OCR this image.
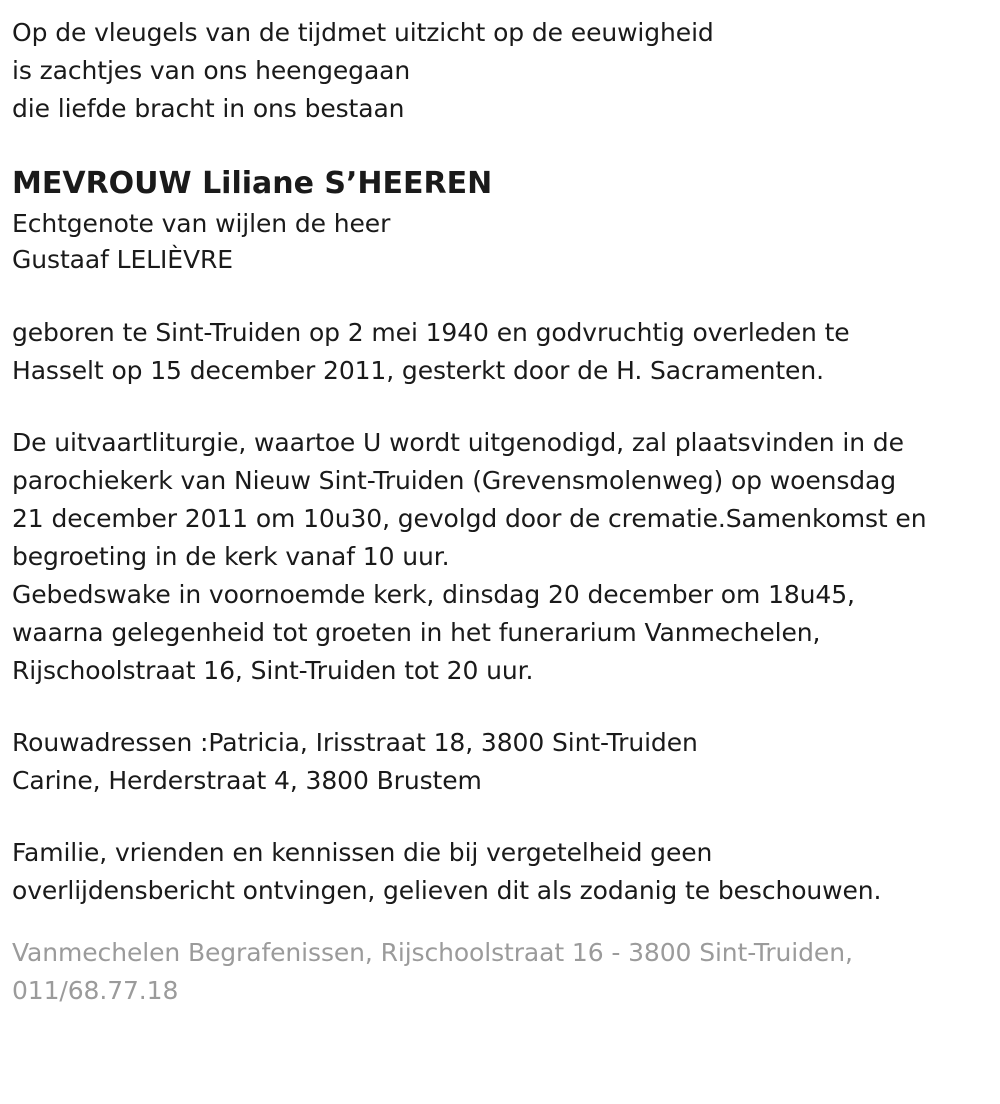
Op de vleugels van de tijdmet uitzicht op de eeuwigheid
is zachtjes van ons heengegaan
die liefde bracht in ons bestaan
MEVROUW Liliane S’HEEREN
Echtgenote van wijlen de heer
Gustaaf LELIÈVRE
geboren te Sint-Truiden op 2 mei 1940 en godvruchtig overleden te
Hasselt op 15 december 2011, gesterkt door de H. Sacramenten.
De uitvaartliturgie, waartoe U wordt uitgenodigd, zal plaatsvinden in de
parochiekerk van Nieuw Sint-Truiden (Grevensmolenweg) op woensdag
21 december 2011 om 10u30, gevolgd door de crematie.Samenkomst en
begroeting in de kerk vanaf 10 uur.
Gebedswake in voornoemde kerk, dinsdag 20 december om 18u45,
waarna gelegenheid tot groeten in het funerarium Vanmechelen,
Rijschoolstraat 16, Sint-Truiden tot 20 uur.
Rouwadressen :Patricia, Irisstraat 18, 3800 Sint-Truiden
Carine, Herderstraat 4, 3800 Brustem
Familie, vrienden en kennissen die bij vergetelheid geen
overlijdensbericht ontvingen, gelieven dit als zodanig te beschouwen.
Vanmechelen Begrafenissen, Rijschoolstraat 16 - 3800 Sint-Truiden,
011/68.77.18
